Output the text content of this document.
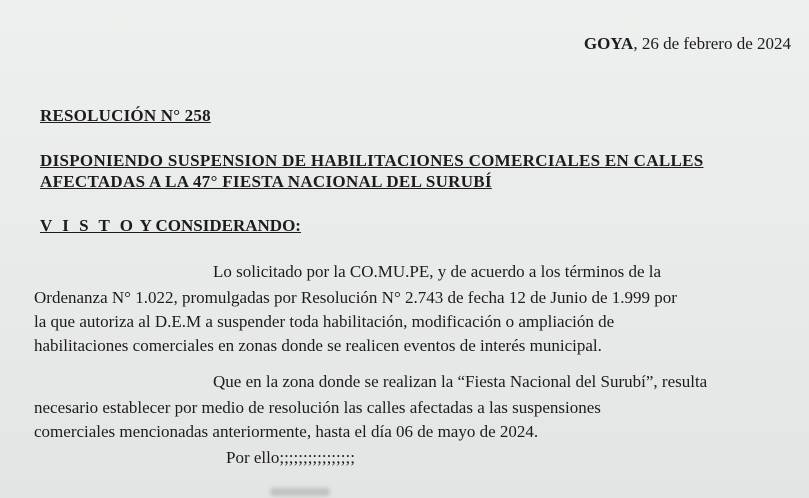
GOYA, 26 de febrero de 2024
RESOLUCIÓN N° 258
DISPONIENDO SUSPENSION DE HABILITACIONES COMERCIALES EN CALLES
AFECTADAS A LA 47° FIESTA NACIONAL DEL SURUBÍ
V I S T O Y CONSIDERANDO:
Lo solicitado por la CO.MU.PE, y de acuerdo a los términos de la
Ordenanza N° 1.022, promulgadas por Resolución N° 2.743 de fecha 12 de Junio de 1.999 por
la que autoriza al D.E.M a suspender toda habilitación, modificación o ampliación de
habilitaciones comerciales en zonas donde se realicen eventos de interés municipal.
Que en la zona donde se realizan la “Fiesta Nacional del Surubí”, resulta
necesario establecer por medio de resolución las calles afectadas a las suspensiones
comerciales mencionadas anteriormente, hasta el día 06 de mayo de 2024.
Por ello;;;;;;;;;;;;;;;;
